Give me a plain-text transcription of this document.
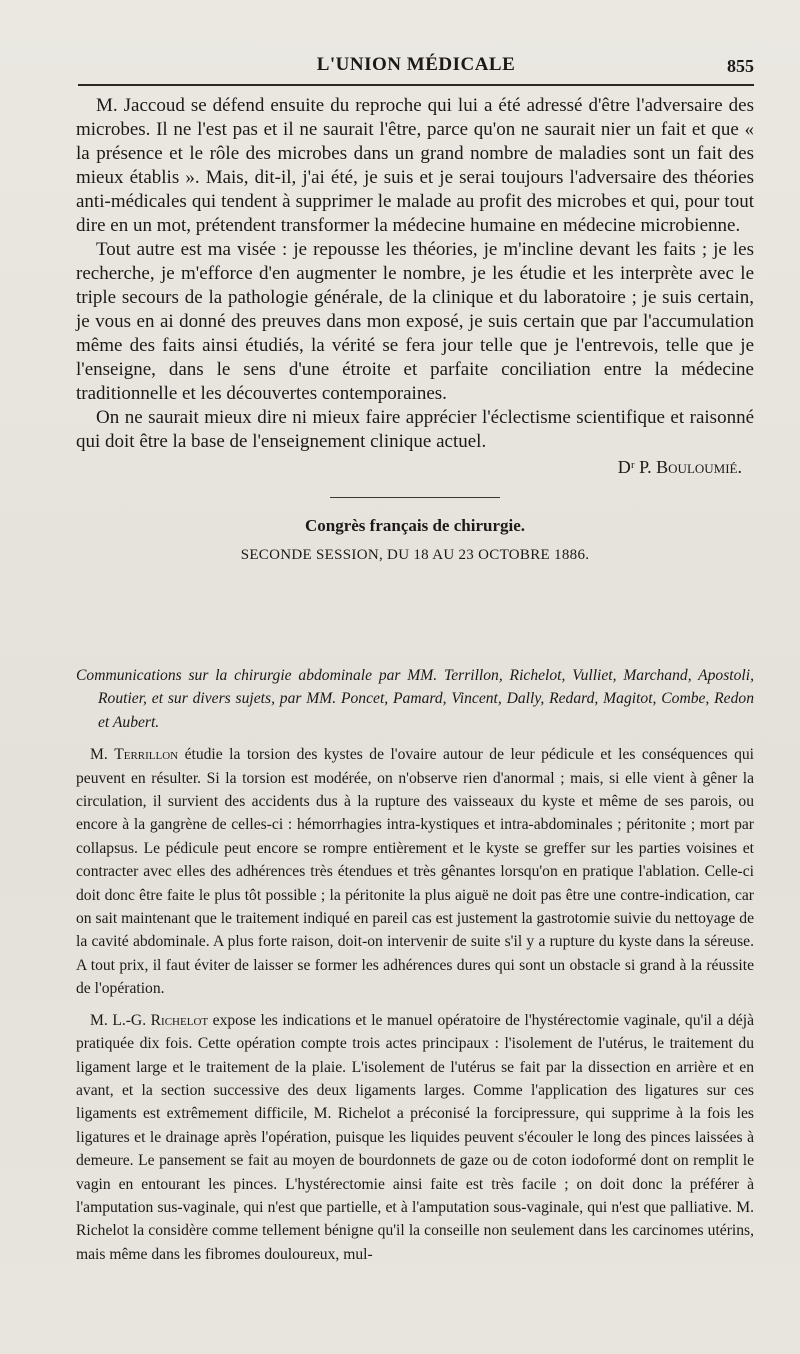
L'UNION MÉDICALE	855

M. Jaccoud se défend ensuite du reproche qui lui a été adressé d'être l'adversaire des microbes. Il ne l'est pas et il ne saurait l'être, parce qu'on ne saurait nier un fait et que « la présence et le rôle des microbes dans un grand nombre de maladies sont un fait des mieux établis ». Mais, dit-il, j'ai été, je suis et je serai toujours l'adversaire des théories anti-médicales qui tendent à supprimer le malade au profit des microbes et qui, pour tout dire en un mot, prétendent transformer la médecine humaine en médecine microbienne.

Tout autre est ma visée : je repousse les théories, je m'incline devant les faits ; je les recherche, je m'efforce d'en augmenter le nombre, je les étudie et les interprète avec le triple secours de la pathologie générale, de la clinique et du laboratoire ; je suis certain, je vous en ai donné des preuves dans mon exposé, je suis certain que par l'accumulation même des faits ainsi étudiés, la vérité se fera jour telle que je l'entrevois, telle que je l'enseigne, dans le sens d'une étroite et parfaite conciliation entre la médecine traditionnelle et les découvertes contemporaines.

On ne saurait mieux dire ni mieux faire apprécier l'éclectisme scientifique et raisonné qui doit être la base de l'enseignement clinique actuel.

Dʳ P. Bouloumié.
Congrès français de chirurgie.
SECONDE SESSION, DU 18 AU 23 OCTOBRE 1886.

Communications sur la chirurgie abdominale par MM. Terrillon, Richelot, Vulliet, Marchand, Apostoli, Routier, et sur divers sujets, par MM. Poncet, Pamard, Vincent, Dally, Redard, Magitot, Combe, Redon et Aubert.

M. Terrillon étudie la torsion des kystes de l'ovaire autour de leur pédicule et les conséquences qui peuvent en résulter. Si la torsion est modérée, on n'observe rien d'anormal ; mais, si elle vient à gêner la circulation, il survient des accidents dus à la rupture des vaisseaux du kyste et même de ses parois, ou encore à la gangrène de celles-ci : hémorrhagies intra-kystiques et intra-abdominales ; péritonite ; mort par collapsus. Le pédicule peut encore se rompre entièrement et le kyste se greffer sur les parties voisines et contracter avec elles des adhérences très étendues et très gênantes lorsqu'on en pratique l'ablation. Celle-ci doit donc être faite le plus tôt possible ; la péritonite la plus aiguë ne doit pas être une contre-indication, car on sait maintenant que le traitement indiqué en pareil cas est justement la gastrotomie suivie du nettoyage de la cavité abdominale. A plus forte raison, doit-on intervenir de suite s'il y a rupture du kyste dans la séreuse. A tout prix, il faut éviter de laisser se former les adhérences dures qui sont un obstacle si grand à la réussite de l'opération.

M. L.-G. Richelot expose les indications et le manuel opératoire de l'hystérectomie vaginale, qu'il a déjà pratiquée dix fois. Cette opération compte trois actes principaux : l'isolement de l'utérus, le traitement du ligament large et le traitement de la plaie. L'isolement de l'utérus se fait par la dissection en arrière et en avant, et la section successive des deux ligaments larges. Comme l'application des ligatures sur ces ligaments est extrêmement difficile, M. Richelot a préconisé la forcipressure, qui supprime à la fois les ligatures et le drainage après l'opération, puisque les liquides peuvent s'écouler le long des pinces laissées à demeure. Le pansement se fait au moyen de bourdonnets de gaze ou de coton iodoformé dont on remplit le vagin en entourant les pinces. L'hystérectomie ainsi faite est très facile ; on doit donc la préférer à l'amputation sus-vaginale, qui n'est que partielle, et à l'amputation sous-vaginale, qui n'est que palliative. M. Richelot la considère comme tellement bénigne qu'il la conseille non seulement dans les carcinomes utérins, mais même dans les fibromes douloureux, mul-
